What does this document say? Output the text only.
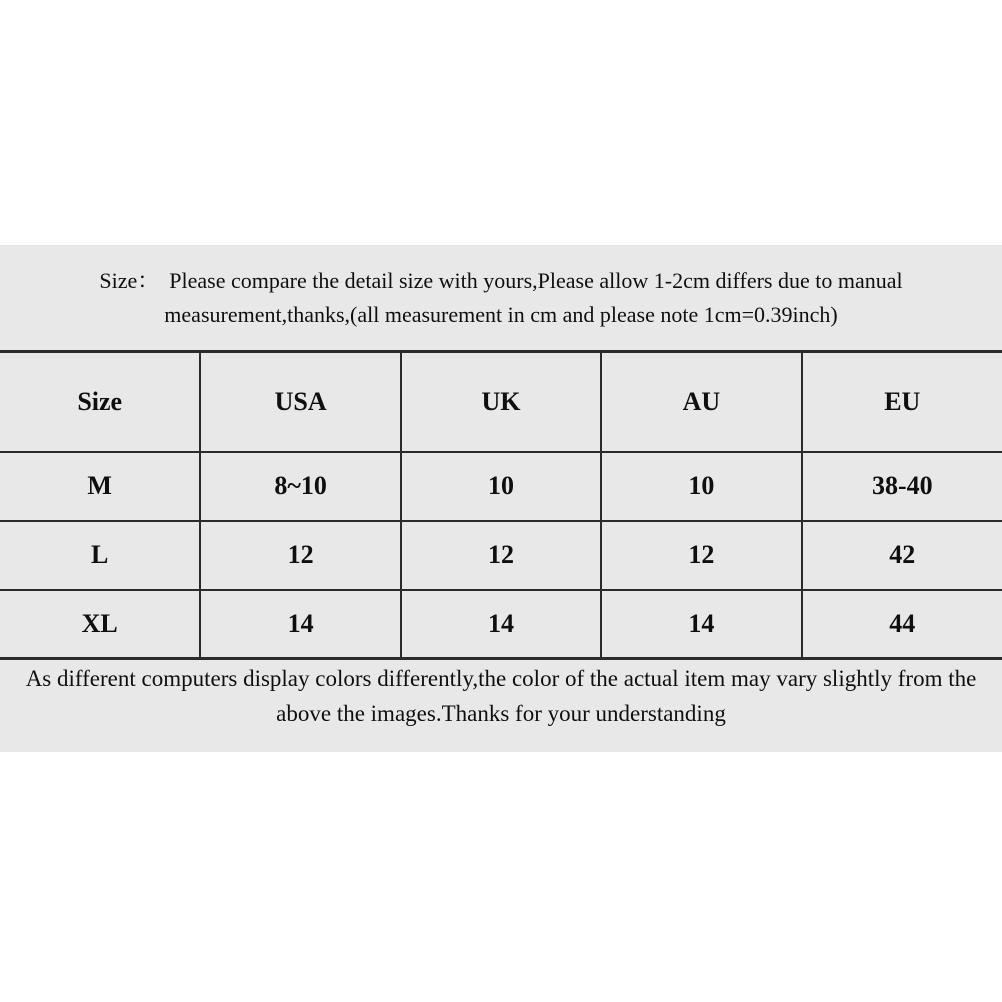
Size： Please compare the detail size with yours,Please allow 1-2cm differs due to manual
measurement,thanks,(all measurement in cm and please note 1cm=0.39inch)
Size	USA	UK	AU	EU
M	8~10	10	10	38-40
L	12	12	12	42
XL	14	14	14	44
As different computers display colors differently,the color of the actual item may vary slightly from the
above the images.Thanks for your understanding
